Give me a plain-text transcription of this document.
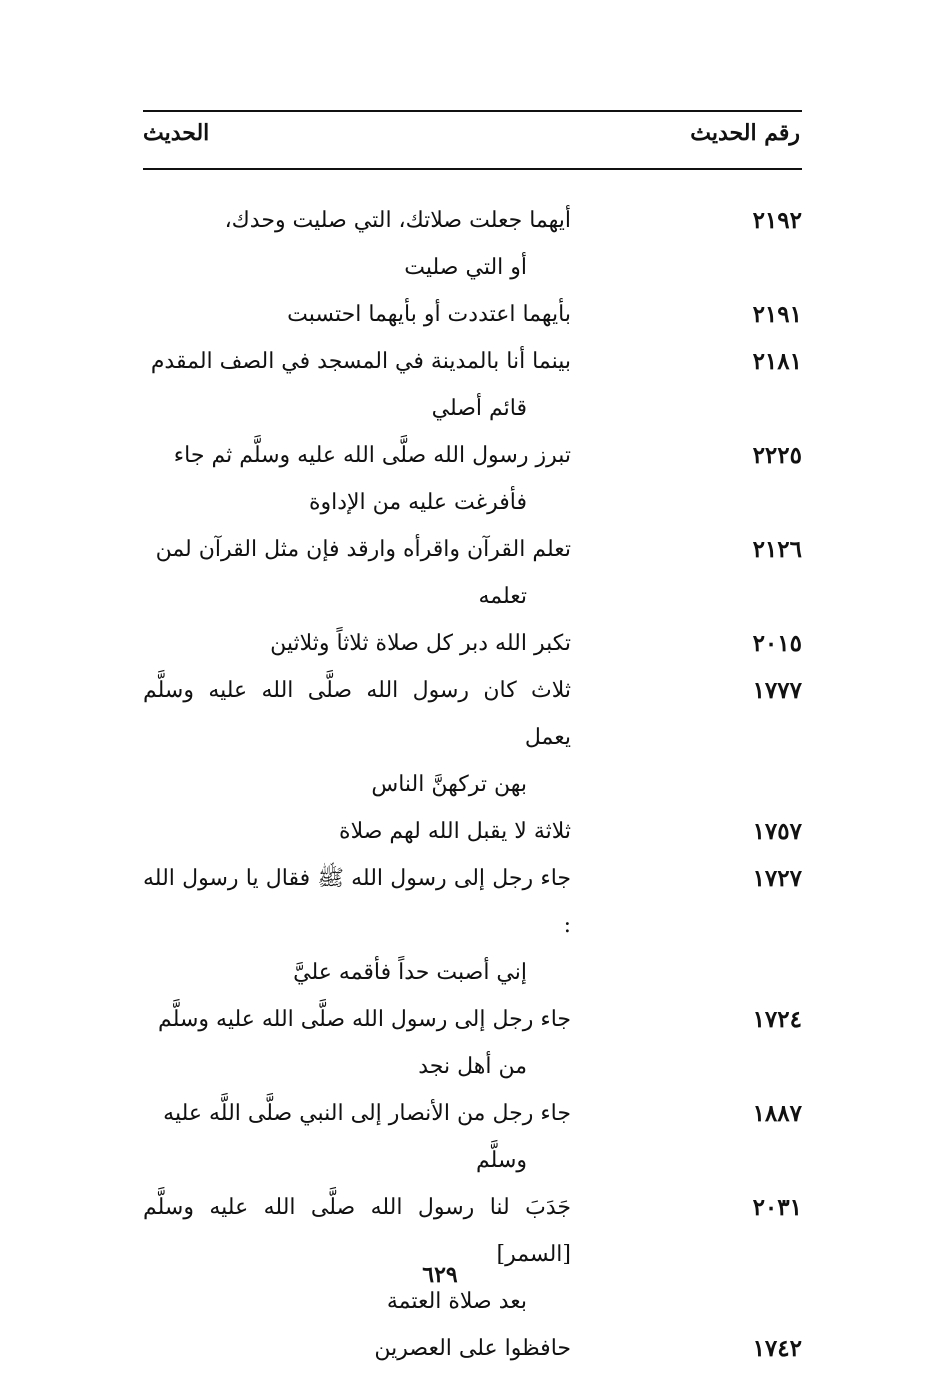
رقم الحديث
الحديث
٢١٩٢
أيهما جعلت صلاتك، التي صليت وحدك،
أو التي صليت
٢١٩١
بأيهما اعتددت أو بأيهما احتسبت
٢١٨١
بينما أنا بالمدينة في المسجد في الصف المقدم
قائم أصلي
٢٢٢٥
تبرز رسول الله صلَّى الله عليه وسلَّم ثم جاء
فأفرغت عليه من الإداوة
٢١٢٦
تعلم القرآن واقرأه وارقد فإن مثل القرآن لمن
تعلمه
٢٠١٥
تكبر الله دبر كل صلاة ثلاثاً وثلاثين
١٧٧٧
ثلاث كان رسول الله صلَّى الله عليه وسلَّم يعمل
بهن تركهنَّ الناس
١٧٥٧
ثلاثة لا يقبل الله لهم صلاة
١٧٢٧
جاء رجل إلى رسول الله ﷺ فقال يا رسول الله :
إني أصبت حداً فأقمه عليَّ
١٧٢٤
جاء رجل إلى رسول الله صلَّى الله عليه وسلَّم
من أهل نجد
١٨٨٧
جاء رجل من الأنصار إلى النبي صلَّى اللَّه عليه
وسلَّم
٢٠٣١
جَدَبَ لنا رسول الله صلَّى الله عليه وسلَّم [السمر]
بعد صلاة العتمة
١٧٤٢
حافظوا على العصرين
٦٢٩
